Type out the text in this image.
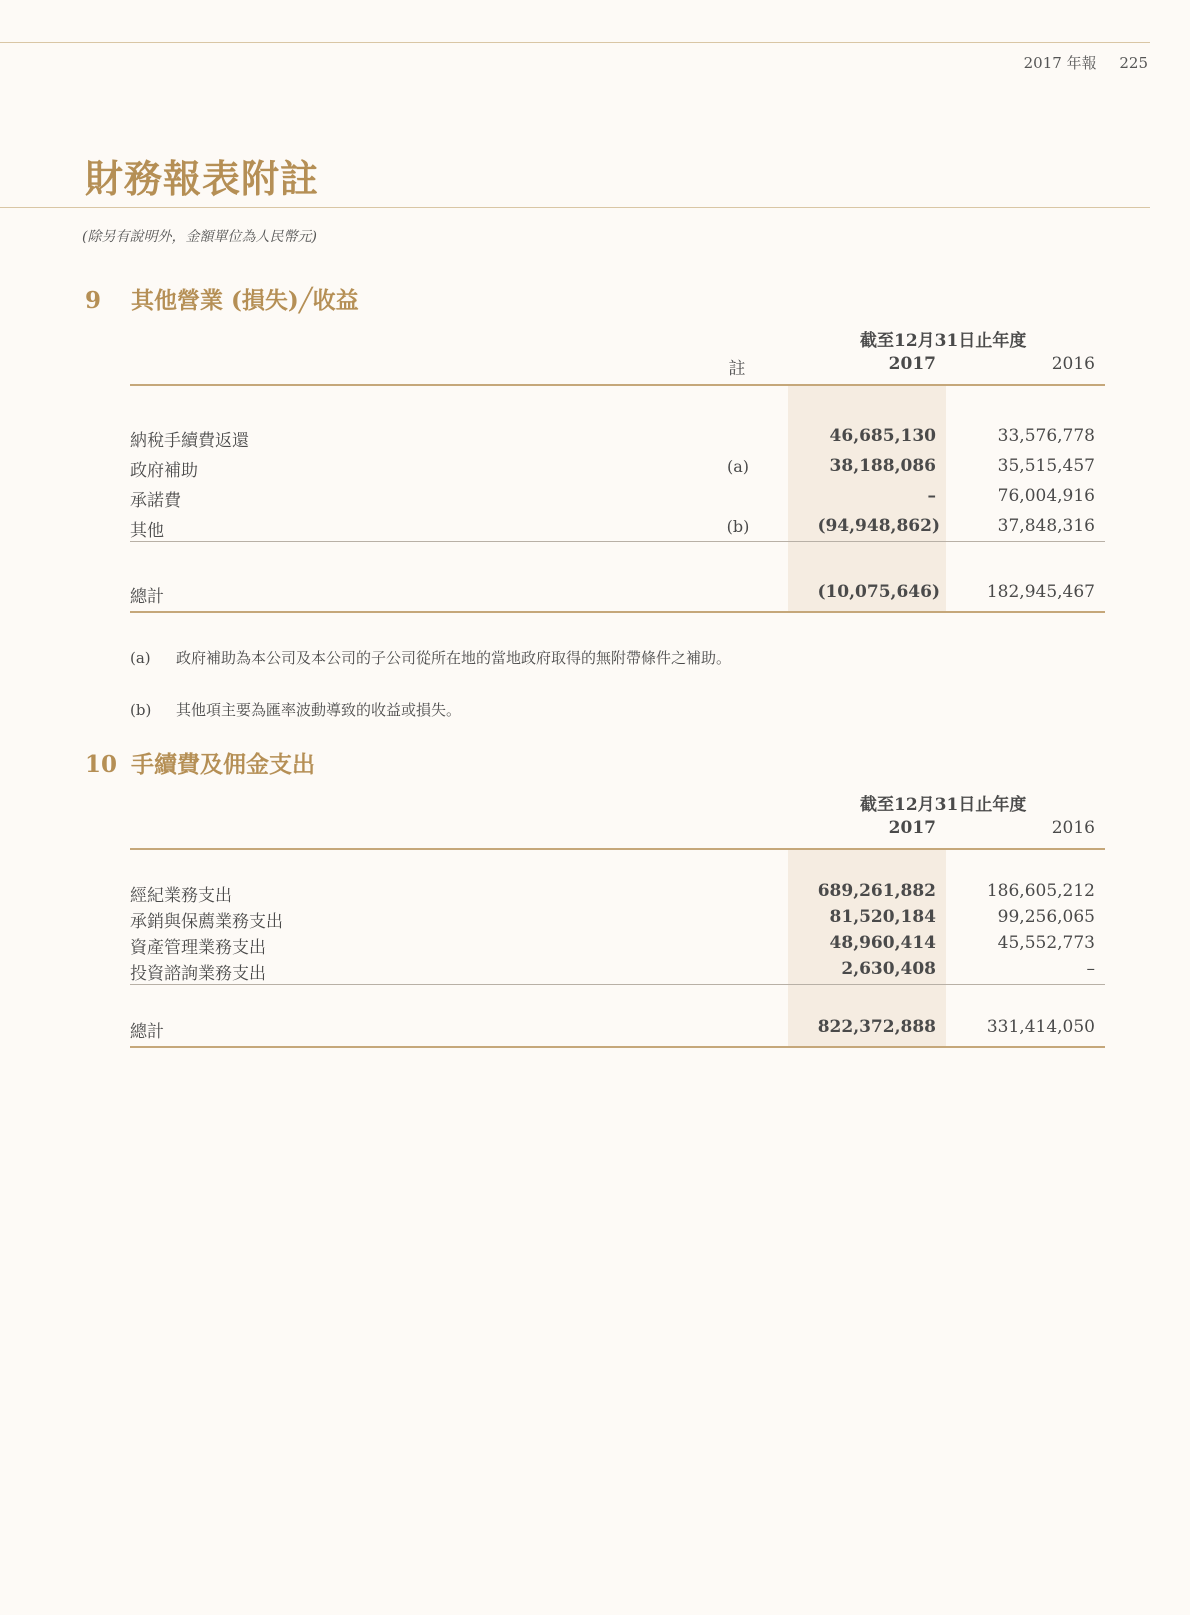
2017 年報 225
財務報表附註
(除另有說明外，金額單位為人民幣元)
9 其他營業 (損失)╱收益
截至12月31日止年度
註	2017	2016
納稅手續費返還	46,685,130	33,576,778
政府補助	(a)	38,188,086	35,515,457
承諾費	–	76,004,916
其他	(b)	(94,948,862)	37,848,316
總計	(10,075,646)	182,945,467
(a) 政府補助為本公司及本公司的子公司從所在地的當地政府取得的無附帶條件之補助。
(b) 其他項主要為匯率波動導致的收益或損失。
10 手續費及佣金支出
截至12月31日止年度
2017	2016
經紀業務支出	689,261,882	186,605,212
承銷與保薦業務支出	81,520,184	99,256,065
資產管理業務支出	48,960,414	45,552,773
投資諮詢業務支出	2,630,408	–
總計	822,372,888	331,414,050
